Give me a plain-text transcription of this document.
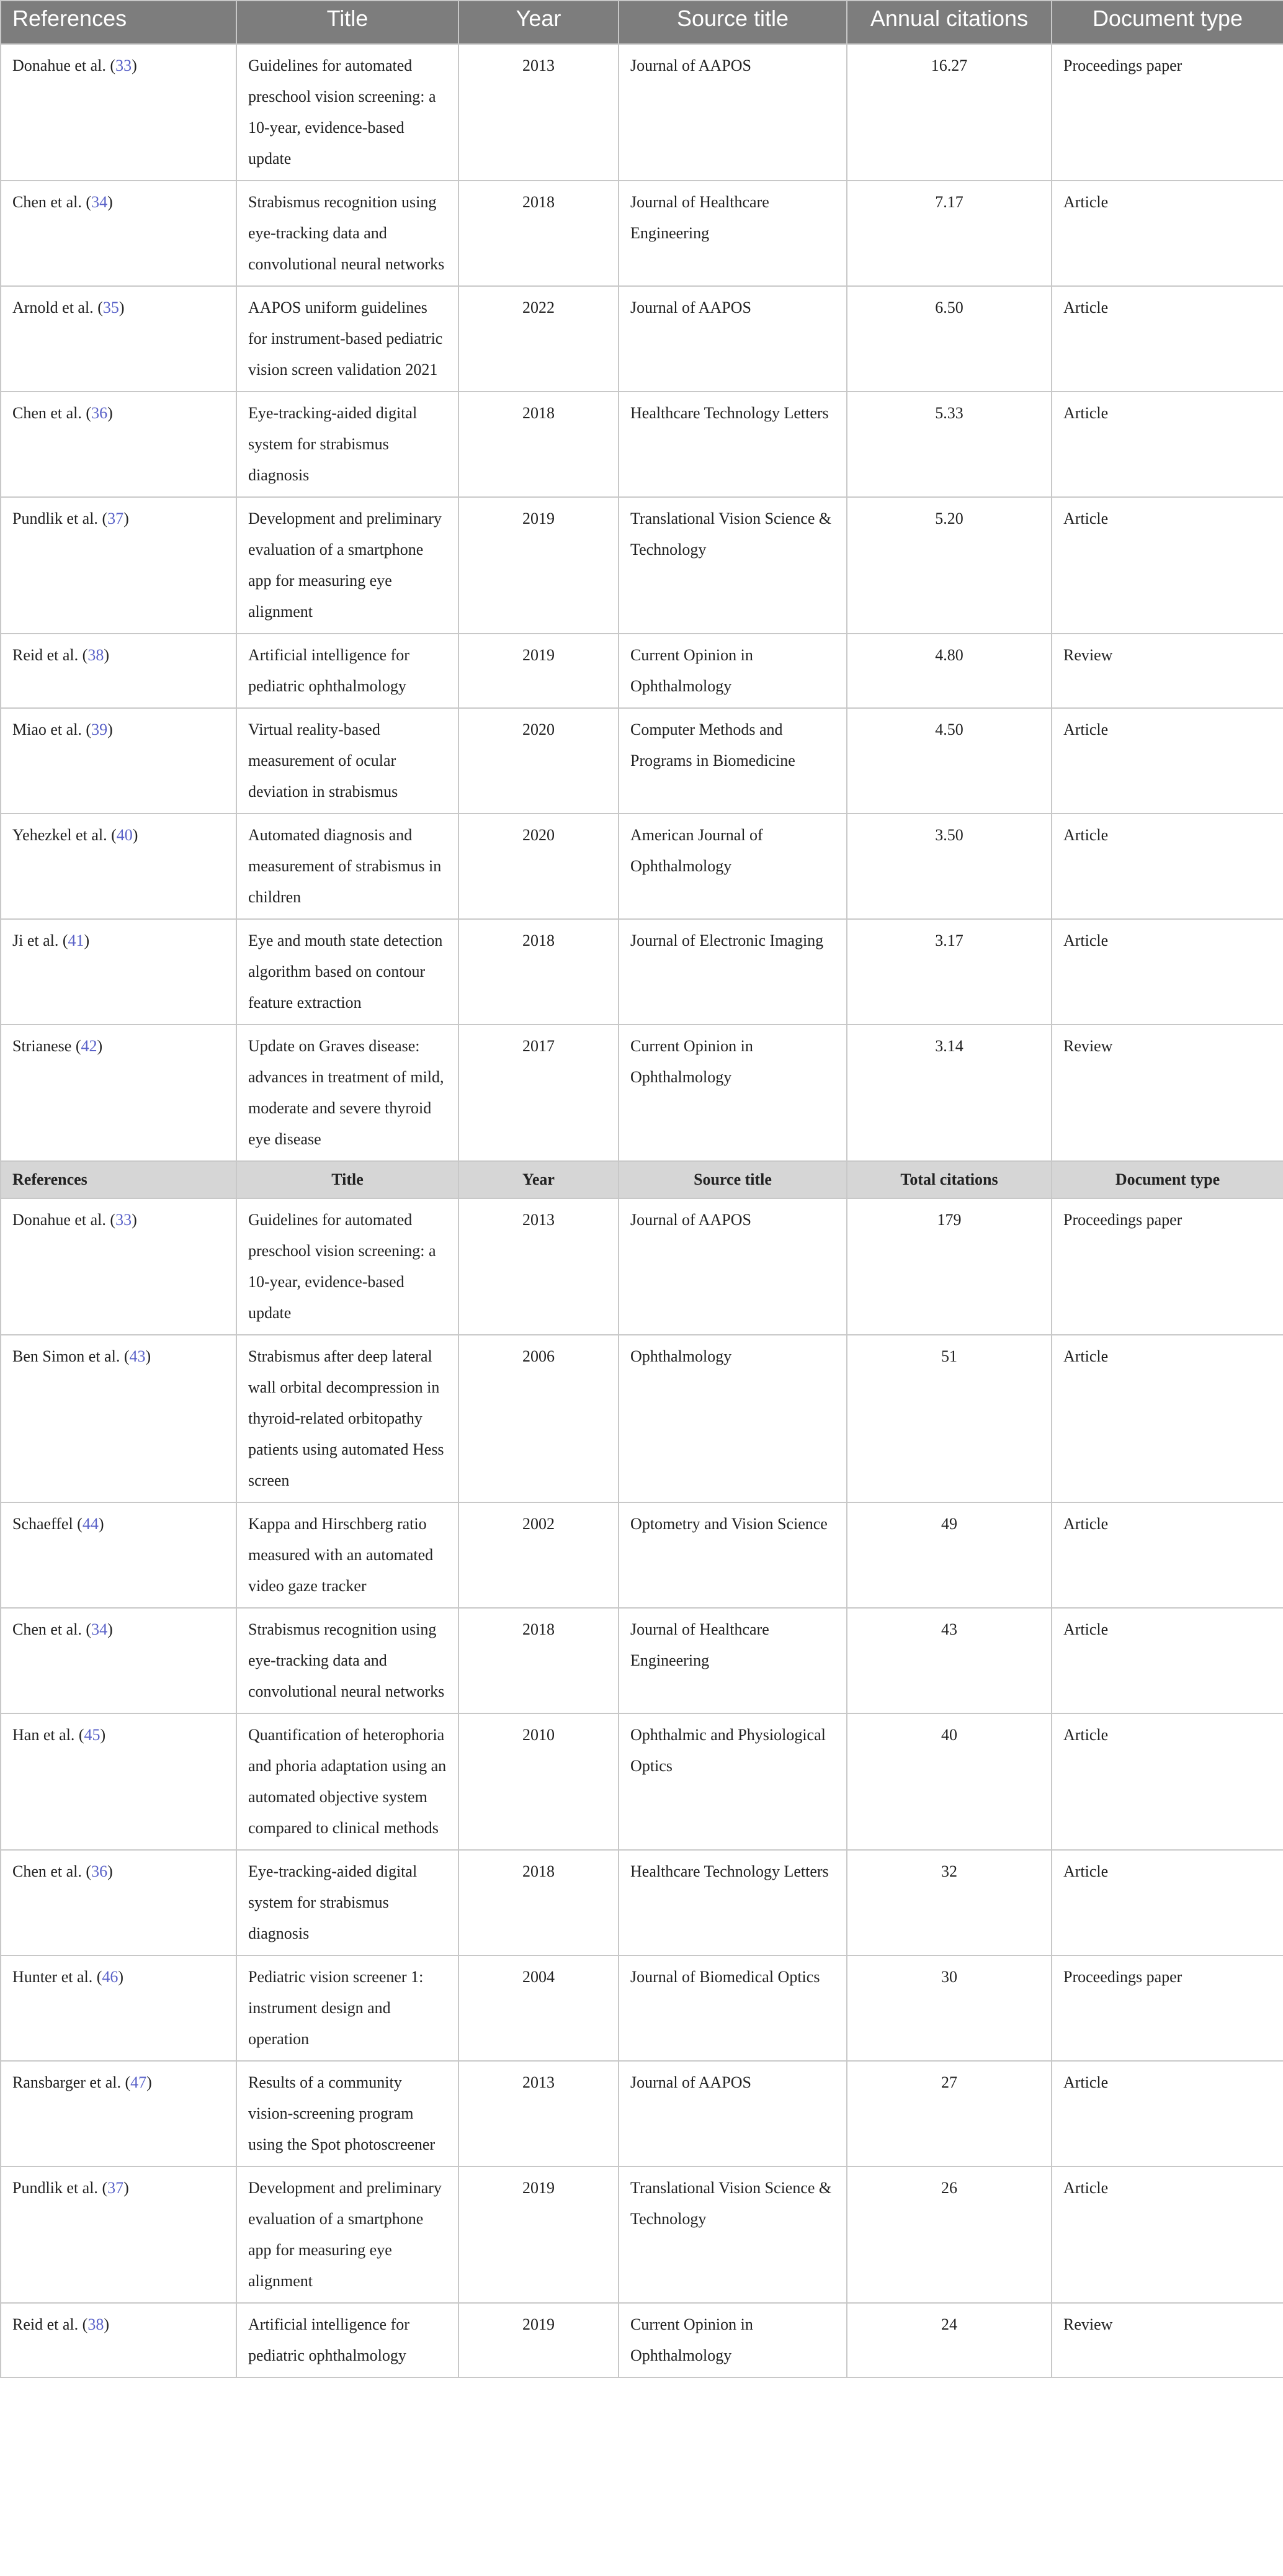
References	Title	Year	Source title	Annual citations	Document type
Donahue et al. (33)	Guidelines for automated preschool vision screening: a 10-year, evidence-based update	2013	Journal of AAPOS	16.27	Proceedings paper
Chen et al. (34)	Strabismus recognition using eye-tracking data and convolutional neural networks	2018	Journal of Healthcare Engineering	7.17	Article
Arnold et al. (35)	AAPOS uniform guidelines for instrument-based pediatric vision screen validation 2021	2022	Journal of AAPOS	6.50	Article
Chen et al. (36)	Eye-tracking-aided digital system for strabismus diagnosis	2018	Healthcare Technology Letters	5.33	Article
Pundlik et al. (37)	Development and preliminary evaluation of a smartphone app for measuring eye alignment	2019	Translational Vision Science & Technology	5.20	Article
Reid et al. (38)	Artificial intelligence for pediatric ophthalmology	2019	Current Opinion in Ophthalmology	4.80	Review
Miao et al. (39)	Virtual reality-based measurement of ocular deviation in strabismus	2020	Computer Methods and Programs in Biomedicine	4.50	Article
Yehezkel et al. (40)	Automated diagnosis and measurement of strabismus in children	2020	American Journal of Ophthalmology	3.50	Article
Ji et al. (41)	Eye and mouth state detection algorithm based on contour feature extraction	2018	Journal of Electronic Imaging	3.17	Article
Strianese (42)	Update on Graves disease: advances in treatment of mild, moderate and severe thyroid eye disease	2017	Current Opinion in Ophthalmology	3.14	Review
References	Title	Year	Source title	Total citations	Document type
Donahue et al. (33)	Guidelines for automated preschool vision screening: a 10-year, evidence-based update	2013	Journal of AAPOS	179	Proceedings paper
Ben Simon et al. (43)	Strabismus after deep lateral wall orbital decompression in thyroid-related orbitopathy patients using automated Hess screen	2006	Ophthalmology	51	Article
Schaeffel (44)	Kappa and Hirschberg ratio measured with an automated video gaze tracker	2002	Optometry and Vision Science	49	Article
Chen et al. (34)	Strabismus recognition using eye-tracking data and convolutional neural networks	2018	Journal of Healthcare Engineering	43	Article
Han et al. (45)	Quantification of heterophoria and phoria adaptation using an automated objective system compared to clinical methods	2010	Ophthalmic and Physiological Optics	40	Article
Chen et al. (36)	Eye-tracking-aided digital system for strabismus diagnosis	2018	Healthcare Technology Letters	32	Article
Hunter et al. (46)	Pediatric vision screener 1: instrument design and operation	2004	Journal of Biomedical Optics	30	Proceedings paper
Ransbarger et al. (47)	Results of a community vision-screening program using the Spot photoscreener	2013	Journal of AAPOS	27	Article
Pundlik et al. (37)	Development and preliminary evaluation of a smartphone app for measuring eye alignment	2019	Translational Vision Science & Technology	26	Article
Reid et al. (38)	Artificial intelligence for pediatric ophthalmology	2019	Current Opinion in Ophthalmology	24	Review
